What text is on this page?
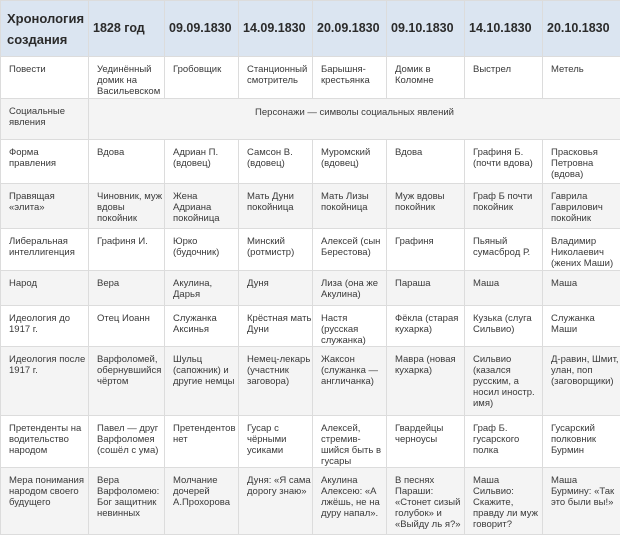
Хронология создания	1828 год	09.09.1830	14.09.1830	20.09.1830	09.10.1830	14.10.1830	20.10.1830
Повести	Уединённый домик на Васильевском	Гробовщик	Станционный смотритель	Барышня-крестьянка	Домик в Коломне	Выстрел	Метель
Социальные явления	Персонажи — символы социальных явлений						
Форма правления	Вдова	Адриан П. (вдовец)	Самсон В. (вдовец)	Муромский (вдовец)	Вдова	Графиня Б. (почти вдова)	Прасковья Петровна (вдова)
Правящая «элита»	Чиновник, муж вдовы покойник	Жена Адриана покойница	Мать Дуни покойница	Мать Лизы покойница	Муж вдовы покойник	Граф Б почти покойник	Гаврила Гаврилович покойник
Либеральная интеллигенция	Графиня И.	Юрко (будочник)	Минский (ротмистр)	Алексей (сын Берестова)	Графиня	Пьяный сумасброд Р.	Владимир Николаевич (жених Маши)
Народ	Вера	Акулина, Дарья	Дуня	Лиза (она же Акулина)	Параша	Маша	Маша
Идеология до 1917 г.	Отец Иоанн	Служанка Аксинья	Крёстная мать Дуни	Настя (русская служанка)	Фёкла (старая кухарка)	Кузька (слуга Сильвио)	Служанка Маши
Идеология после 1917 г.	Варфоломей, обернувшийся чёртом	Шульц (сапожник) и другие немцы	Немец-лекарь (участник заговора)	Жаксон (служанка — англичанка)	Мавра (новая кухарка)	Сильвио (казался русским, а носил иностр. имя)	Д-равин, Шмит, улан, поп (заговорщики)
Претенденты на водительство народом	Павел — друг Варфоломея (сошёл с ума)	Претендентов нет	Гусар с чёрными усиками	Алексей, стремив-шийся быть в гусары	Гвардейцы черноусы	Граф Б. гусарского полка	Гусарский полковник Бурмин
Мера понимания народом своего будущего	Вера Варфоломею: Бог защитник невинных	Молчание дочерей А.Прохорова	Дуня: «Я сама дорогу знаю»	Акулина Алексею: «А лжёшь, не на дуру напал».	В песнях Параши: «Стонет сизый голубок» и «Выйду ль я?»	Маша Сильвио: Скажите, правду ли муж говорит?	Маша Бурмину: «Так это были вы!»
